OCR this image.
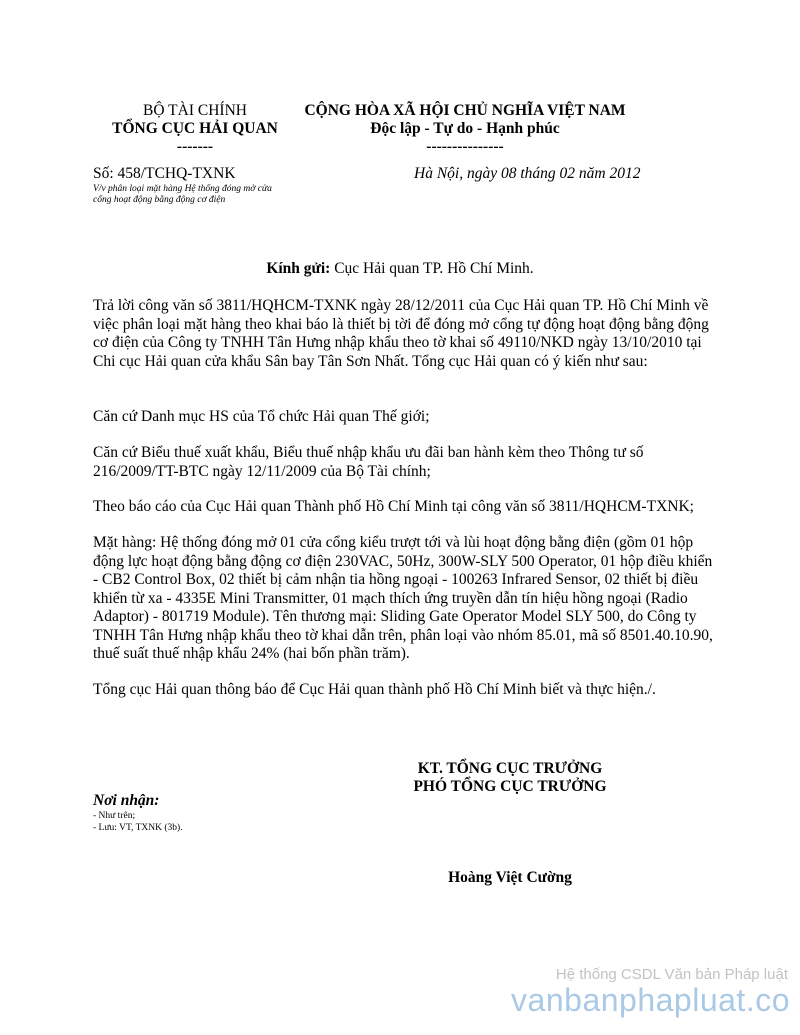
BỘ TÀI CHÍNH
TỔNG CỤC HẢI QUAN
-------
CỘNG HÒA XÃ HỘI CHỦ NGHĨA VIỆT NAM
Độc lập - Tự do - Hạnh phúc
---------------
Số: 458/TCHQ-TXNK
V/v phân loại mặt hàng Hệ thống đóng mở cửa cổng hoạt động bằng động cơ điện
Hà Nội, ngày 08 tháng 02 năm 2012
Kính gửi: Cục Hải quan TP. Hồ Chí Minh.
Trả lời công văn số 3811/HQHCM-TXNK ngày 28/12/2011 của Cục Hải quan TP. Hồ Chí Minh về việc phân loại mặt hàng theo khai báo là thiết bị tời để đóng mở cổng tự động hoạt động bằng động cơ điện của Công ty TNHH Tân Hưng nhập khẩu theo tờ khai số 49110/NKD ngày 13/10/2010 tại Chi cục Hải quan cửa khẩu Sân bay Tân Sơn Nhất. Tổng cục Hải quan có ý kiến như sau:
Căn cứ Danh mục HS của Tổ chức Hải quan Thế giới;
Căn cứ Biểu thuế xuất khẩu, Biểu thuế nhập khẩu ưu đãi ban hành kèm theo Thông tư số 216/2009/TT-BTC ngày 12/11/2009 của Bộ Tài chính;
Theo báo cáo của Cục Hải quan Thành phố Hồ Chí Minh tại công văn số 3811/HQHCM-TXNK;
Mặt hàng: Hệ thống đóng mở 01 cửa cổng kiểu trượt tới và lùi hoạt động bằng điện (gồm 01 hộp động lực hoạt động bằng động cơ điện 230VAC, 50Hz, 300W-SLY 500 Operator, 01 hộp điều khiển - CB2 Control Box, 02 thiết bị cảm nhận tia hồng ngoại - 100263 Infrared Sensor, 02 thiết bị điều khiển từ xa - 4335E Mini Transmitter, 01 mạch thích ứng truyền dẫn tín hiệu hồng ngoại (Radio Adaptor) - 801719 Module). Tên thương mại: Sliding Gate Operator Model SLY 500, do Công ty TNHH Tân Hưng nhập khẩu theo tờ khai dẫn trên, phân loại vào nhóm 85.01, mã số 8501.40.10.90, thuế suất thuế nhập khẩu 24% (hai bốn phần trăm).
Tổng cục Hải quan thông báo để Cục Hải quan thành phố Hồ Chí Minh biết và thực hiện./.
KT. TỔNG CỤC TRƯỞNG
PHÓ TỔNG CỤC TRƯỞNG
Nơi nhận:
- Như trên;
- Lưu: VT, TXNK (3b).
Hoàng Việt Cường
Hệ thống CSDL Văn bản Pháp luật
vanbanphapluat.co
